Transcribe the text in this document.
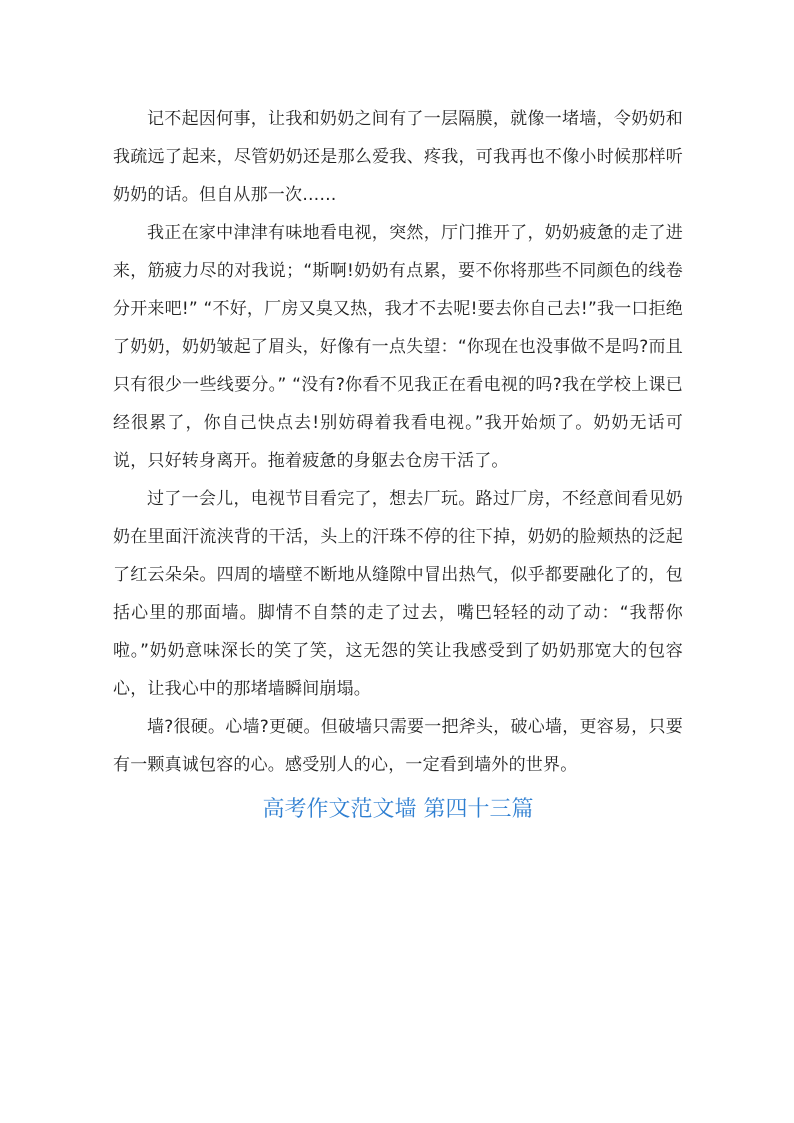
记不起因何事，让我和奶奶之间有了一层隔膜，就像一堵墙，令奶奶和我疏远了起来，尽管奶奶还是那么爱我、疼我，可我再也不像小时候那样听奶奶的话。但自从那一次……

我正在家中津津有味地看电视，突然，厅门推开了，奶奶疲惫的走了进来，筋疲力尽的对我说；“斯啊!奶奶有点累，要不你将那些不同颜色的线卷分开来吧!” “不好，厂房又臭又热，我才不去呢!要去你自己去!”我一口拒绝了奶奶，奶奶皱起了眉头，好像有一点失望：“你现在也没事做不是吗?而且只有很少一些线要分。” “没有?你看不见我正在看电视的吗?我在学校上课已经很累了，你自己快点去!别妨碍着我看电视。”我开始烦了。奶奶无话可说，只好转身离开。拖着疲惫的身躯去仓房干活了。

过了一会儿，电视节目看完了，想去厂玩。路过厂房，不经意间看见奶奶在里面汗流浃背的干活，头上的汗珠不停的往下掉，奶奶的脸颊热的泛起了红云朵朵。四周的墙壁不断地从缝隙中冒出热气，似乎都要融化了的，包括心里的那面墙。脚情不自禁的走了过去，嘴巴轻轻的动了动：“我帮你啦。”奶奶意味深长的笑了笑，这无怨的笑让我感受到了奶奶那宽大的包容心，让我心中的那堵墙瞬间崩塌。

墙?很硬。心墙?更硬。但破墙只需要一把斧头，破心墙，更容易，只要有一颗真诚包容的心。感受别人的心，一定看到墙外的世界。

高考作文范文墙 第四十三篇
